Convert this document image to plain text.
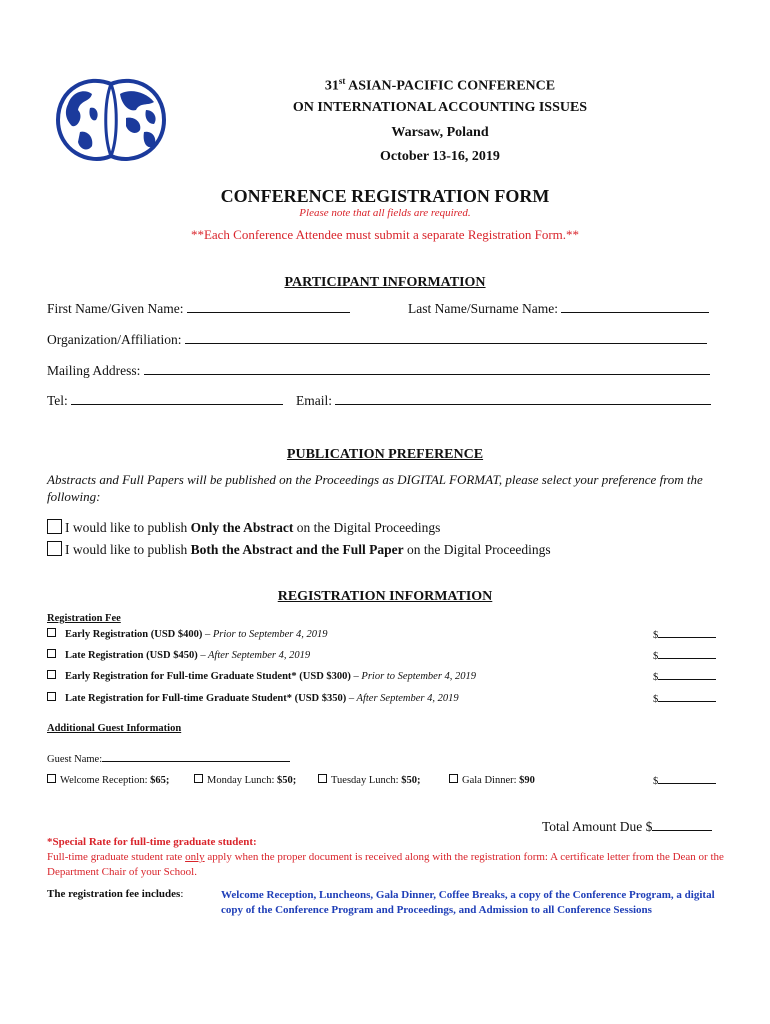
31st ASIAN-PACIFIC CONFERENCE
ON INTERNATIONAL ACCOUNTING ISSUES
Warsaw, Poland
October 13-16, 2019
CONFERENCE REGISTRATION FORM
Please note that all fields are required.
**Each Conference Attendee must submit a separate Registration Form.**
PARTICIPANT INFORMATION
First Name/Given Name:	Last Name/Surname Name:
Organization/Affiliation:
Mailing Address:
Tel:	Email:
PUBLICATION PREFERENCE
Abstracts and Full Papers will be published on the Proceedings as DIGITAL FORMAT, please select your preference from the following:
I would like to publish Only the Abstract on the Digital Proceedings
I would like to publish Both the Abstract and the Full Paper on the Digital Proceedings
REGISTRATION INFORMATION
Registration Fee
Early Registration (USD $400) – Prior to September 4, 2019	$
Late Registration (USD $450) – After September 4, 2019	$
Early Registration for Full-time Graduate Student* (USD $300) – Prior to September 4, 2019	$
Late Registration for Full-time Graduate Student* (USD $350) – After September 4, 2019	$
Additional Guest Information
Guest Name:
Welcome Reception: $65;	Monday Lunch: $50;	Tuesday Lunch: $50;	Gala Dinner: $90	$
Total Amount Due $
*Special Rate for full-time graduate student:
Full-time graduate student rate only apply when the proper document is received along with the registration form: A certificate letter from the Dean or the Department Chair of your School.
The registration fee includes:	Welcome Reception, Luncheons, Gala Dinner, Coffee Breaks, a copy of the Conference Program, a digital copy of the Conference Program and Proceedings, and Admission to all Conference Sessions
